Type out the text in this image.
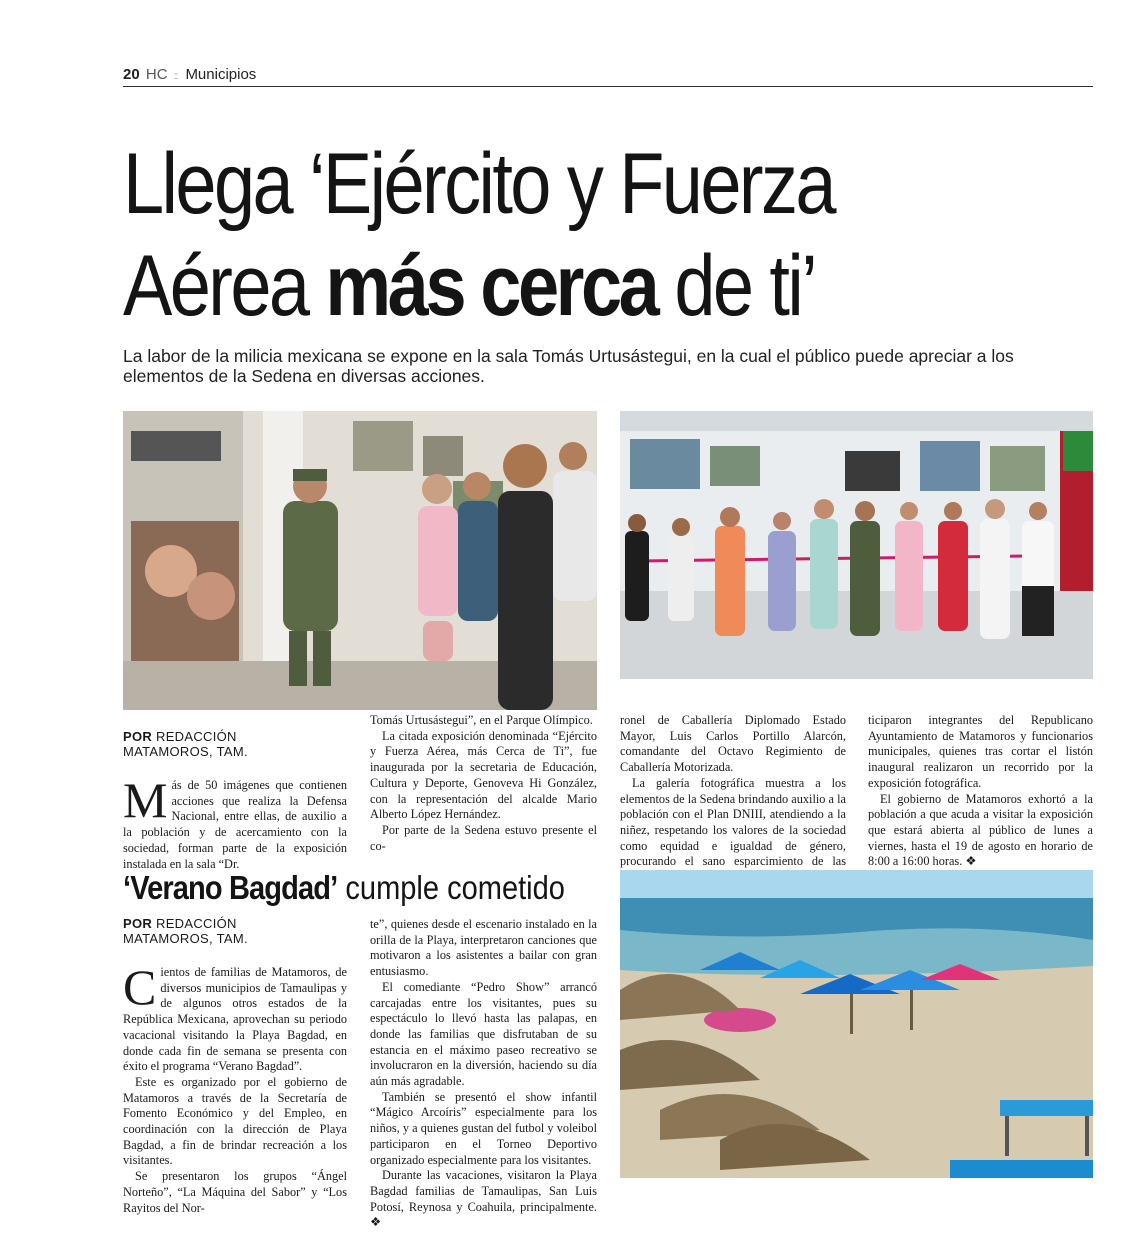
20 HC :: Municipios
Llega ‘Ejército y Fuerza
Aérea más cerca de ti’
La labor de la milicia mexicana se expone en la sala Tomás Urtusástegui, en la cual el público puede apreciar a los elementos de la Sedena en diversas acciones.
POR REDACCIÓN
MATAMOROS, TAM.

Más de 50 imágenes que contienen acciones que realiza la Defensa Nacional, entre ellas, de auxilio a la población y de acercamiento con la sociedad, forman parte de la exposición instalada en la sala “Dr.

Tomás Urtusástegui”, en el Parque Olímpico.

La citada exposición denominada “Ejército y Fuerza Aérea, más Cerca de Ti”, fue inaugurada por la secretaria de Educación, Cultura y Deporte, Genoveva Hi González, con la representación del alcalde Mario Alberto López Hernández.

Por parte de la Sedena estuvo presente el co-

ronel de Caballería Diplomado Estado Mayor, Luis Carlos Portillo Alarcón, comandante del Octavo Regimiento de Caballería Motorizada.

La galería fotográfica muestra a los elementos de la Sedena brindando auxilio a la población con el Plan DNIII, atendiendo a la niñez, respetando los valores de la sociedad como equidad e igualdad de género, procurando el sano esparcimiento de las

ticiparon integrantes del Republicano Ayuntamiento de Matamoros y funcionarios municipales, quienes tras cortar el listón inaugural realizaron un recorrido por la exposición fotográfica.

El gobierno de Matamoros exhortó a la población a que acuda a visitar la exposición que estará abierta al público de lunes a viernes, hasta el 19 de agosto en horario de 8:00 a 16:00 horas. ❖

‘Verano Bagdad’ cumple cometido
POR REDACCIÓN
MATAMOROS, TAM.

Cientos de familias de Matamoros, de diversos municipios de Tamaulipas y de algunos otros estados de la República Mexicana, aprovechan su periodo vacacional visitando la Playa Bagdad, en donde cada fin de semana se presenta con éxito el programa “Verano Bagdad”.

Este es organizado por el gobierno de Matamoros a través de la Secretaría de Fomento Económico y del Empleo, en coordinación con la dirección de Playa Bagdad, a fin de brindar recreación a los visitantes.

Se presentaron los grupos “Ángel Norteño”, “La Máquina del Sabor” y “Los Rayitos del Nor-

te”, quienes desde el escenario instalado en la orilla de la Playa, interpretaron canciones que motivaron a los asistentes a bailar con gran entusiasmo.

El comediante “Pedro Show” arrancó carcajadas entre los visitantes, pues su espectáculo lo llevó hasta las palapas, en donde las familias que disfrutaban de su estancia en el máximo paseo recreativo se involucraron en la diversión, haciendo su día aún más agradable.

También se presentó el show infantil “Mágico Arcoíris” especialmente para los niños, y a quienes gustan del futbol y voleibol participaron en el Torneo Deportivo organizado especialmente para los visitantes.

Durante las vacaciones, visitaron la Playa Bagdad familias de Tamaulipas, San Luis Potosí, Reynosa y Coahuila, principalmente. ❖
